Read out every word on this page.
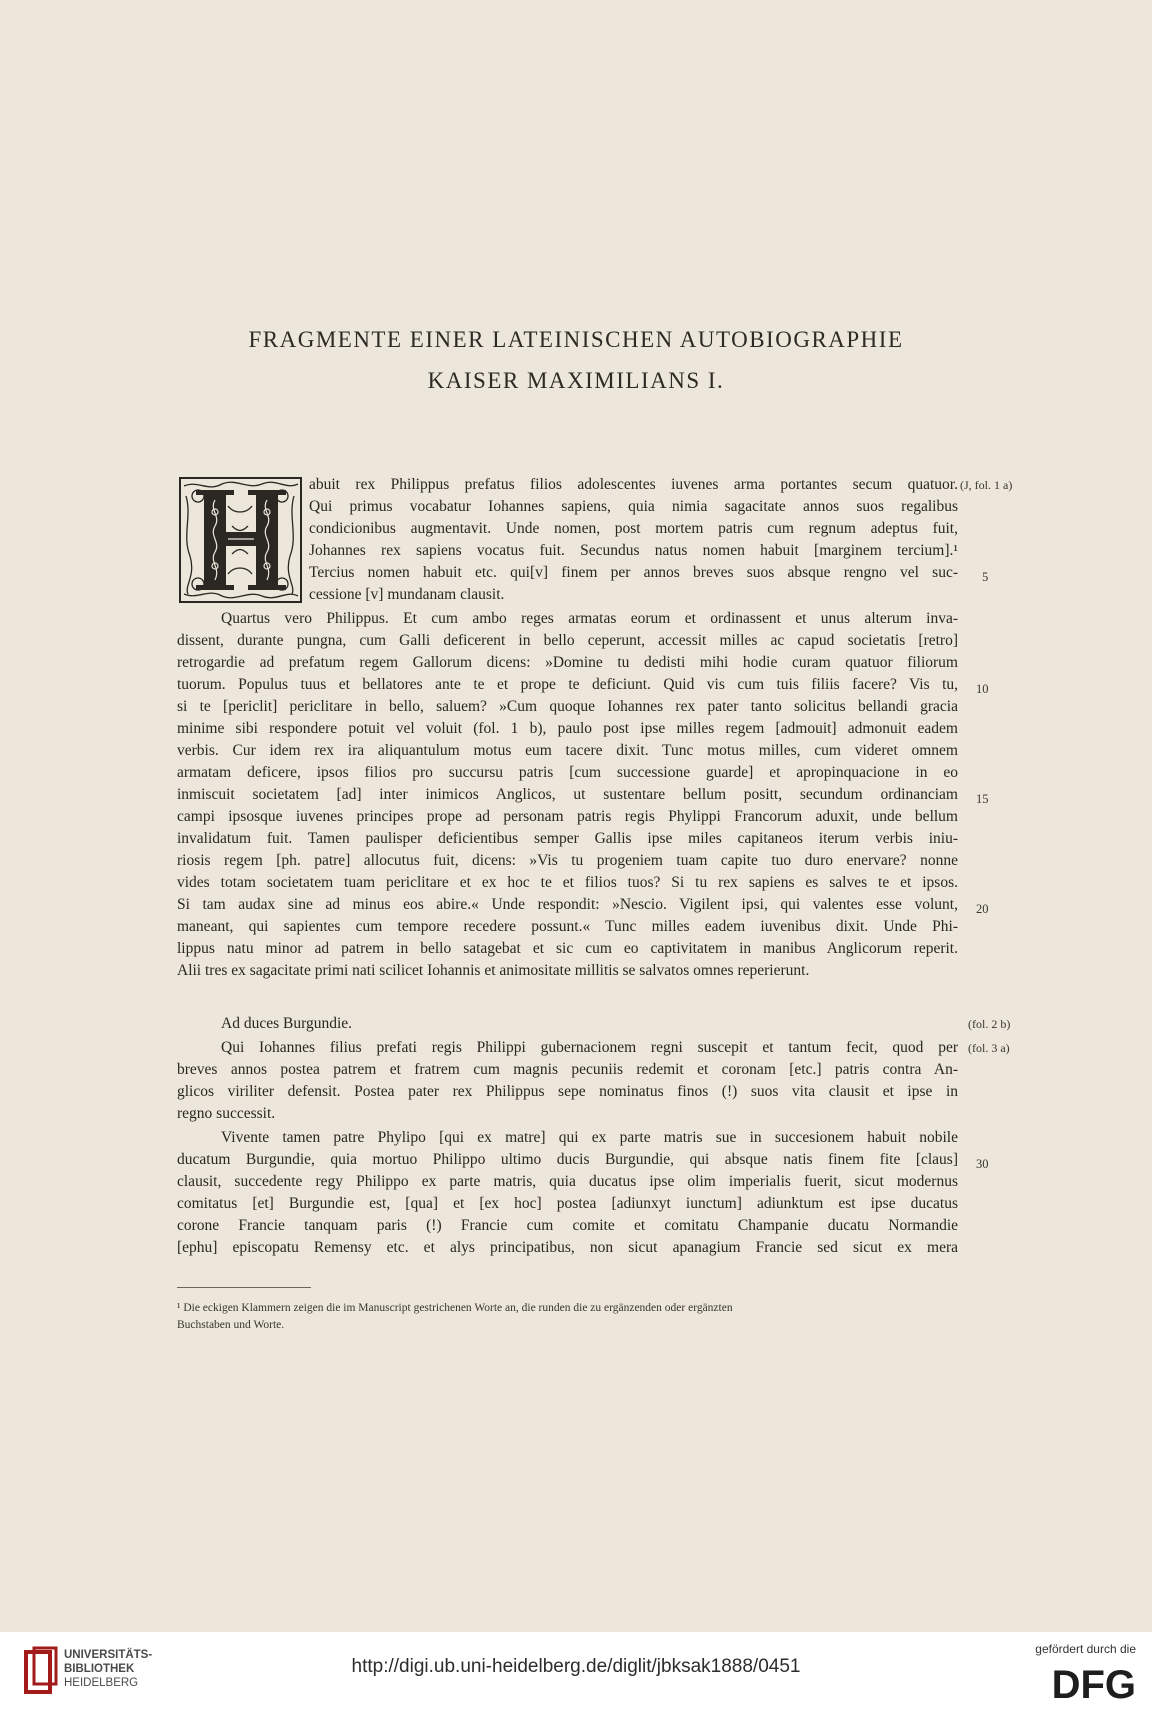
FRAGMENTE EINER LATEINISCHEN AUTOBIOGRAPHIE
KAISER MAXIMILIANS I.
abuit rex Philippus prefatus filios adolescentes iuvenes arma portantes secum quatuor.
Qui primus vocabatur Iohannes sapiens, quia nimia sagacitate annos suos regalibus
condicionibus augmentavit. Unde nomen, post mortem patris cum regnum adeptus fuit,
Johannes rex sapiens vocatus fuit. Secundus natus nomen habuit [marginem tercium].¹
Tercius nomen habuit etc. qui[v] finem per annos breves suos absque rengno vel suc-
cessione [v] mundanam clausit.
Quartus vero Philippus. Et cum ambo reges armatas eorum et ordinassent et unus alterum inva-
dissent, durante pungna, cum Galli deficerent in bello ceperunt, accessit milles ac capud societatis [retro]
retrogardie ad prefatum regem Gallorum dicens: »Domine tu dedisti mihi hodie curam quatuor filiorum
tuorum. Populus tuus et bellatores ante te et prope te deficiunt. Quid vis cum tuis filiis facere? Vis tu,
si te [periclit] periclitare in bello, saluem? »Cum quoque Iohannes rex pater tanto solicitus bellandi gracia
minime sibi respondere potuit vel voluit (fol. 1 b), paulo post ipse milles regem [admouit] admonuit eadem
verbis. Cur idem rex ira aliquantulum motus eum tacere dixit. Tunc motus milles, cum videret omnem
armatam deficere, ipsos filios pro succursu patris [cum successione guarde] et apropinquacione in eo
inmiscuit societatem [ad] inter inimicos Anglicos, ut sustentare bellum positt, secundum ordinanciam
campi ipsosque iuvenes principes prope ad personam patris regis Phylippi Francorum aduxit, unde bellum
invalidatum fuit. Tamen paulisper deficientibus semper Gallis ipse miles capitaneos iterum verbis iniu-
riosis regem [ph. patre] allocutus fuit, dicens: »Vis tu progeniem tuam capite tuo duro enervare? nonne
vides totam societatem tuam periclitare et ex hoc te et filios tuos? Si tu rex sapiens es salves te et ipsos.
Si tam audax sine ad minus eos abire.« Unde respondit: »Nescio. Vigilent ipsi, qui valentes esse volunt,
maneant, qui sapientes cum tempore recedere possunt.« Tunc milles eadem iuvenibus dixit. Unde Phi-
lippus natu minor ad patrem in bello satagebat et sic cum eo captivitatem in manibus Anglicorum reperit.
Alii tres ex sagacitate primi nati scilicet Iohannis et animositate millitis se salvatos omnes reperierunt.
Ad duces Burgundie.
Qui Iohannes filius prefati regis Philippi gubernacionem regni suscepit et tantum fecit, quod per
breves annos postea patrem et fratrem cum magnis pecuniis redemit et coronam [etc.] patris contra An-
glicos viriliter defensit. Postea pater rex Philippus sepe nominatus finos (!) suos vita clausit et ipse in
regno successit.
Vivente tamen patre Phylipo [qui ex matre] qui ex parte matris sue in succesionem habuit nobile
ducatum Burgundie, quia mortuo Philippo ultimo ducis Burgundie, qui absque natis finem fite [claus]
clausit, succedente regy Philippo ex parte matris, quia ducatus ipse olim imperialis fuerit, sicut modernus
comitatus [et] Burgundie est, [qua] et [ex hoc] postea [adiunxyt iunctum] adiunktum est ipse ducatus
corone Francie tanquam paris (!) Francie cum comite et comitatu Champanie ducatu Normandie
[ephu] episcopatu Remensy etc. et alys principatibus, non sicut apanagium Francie sed sicut ex mera
(J, fol. 1 a)
(fol. 2 b)
(fol. 3 a)
5
10
15
20
30
¹ Die eckigen Klammern zeigen die im Manuscript gestrichenen Worte an, die runden die zu ergänzenden oder ergänzten
Buchstaben und Worte.
UNIVERSITÄTS-
BIBLIOTHEK
HEIDELBERG
http://digi.ub.uni-heidelberg.de/diglit/jbksak1888/0451
gefördert durch die
DFG
